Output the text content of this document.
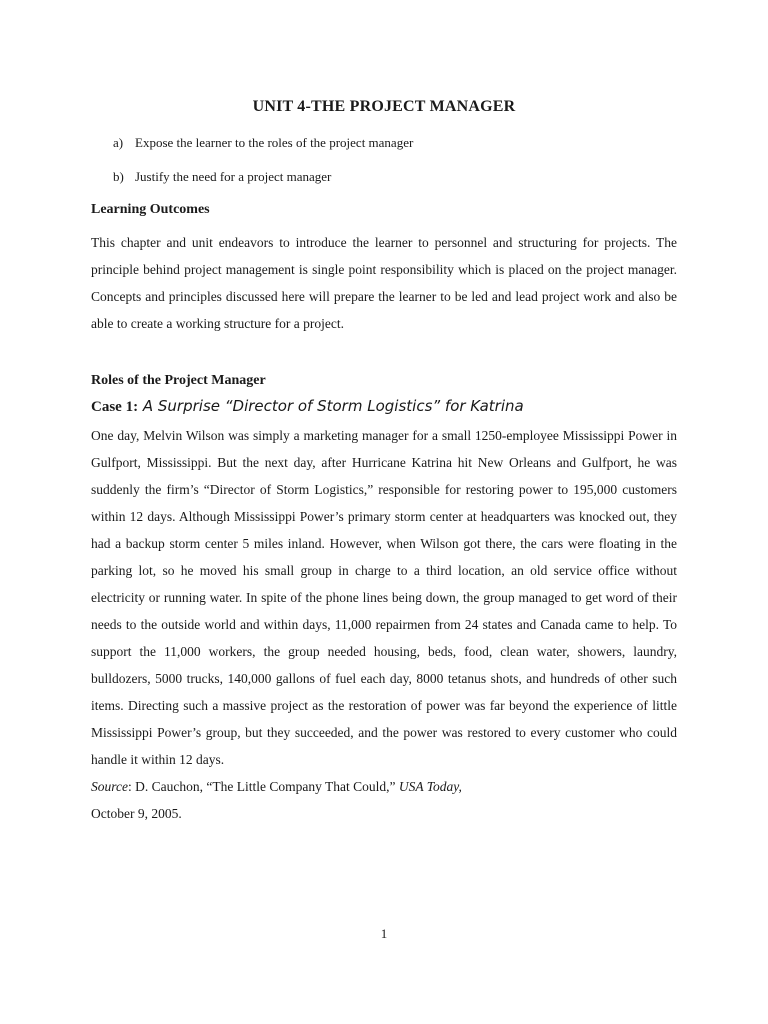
UNIT 4-THE PROJECT MANAGER
a) Expose the learner to the roles of the project manager
b) Justify the need for a project manager
Learning Outcomes

This chapter and unit endeavors to introduce the learner to personnel and structuring for projects. The principle behind project management is single point responsibility which is placed on the project manager. Concepts and principles discussed here will prepare the learner to be led and lead project work and also be able to create a working structure for a project.

Roles of the Project Manager
Case 1: A Surprise “Director of Storm Logistics” for Katrina

One day, Melvin Wilson was simply a marketing manager for a small 1250-employee Mississippi Power in Gulfport, Mississippi. But the next day, after Hurricane Katrina hit New Orleans and Gulfport, he was suddenly the firm’s “Director of Storm Logistics,” responsible for restoring power to 195,000 customers within 12 days. Although Mississippi Power’s primary storm center at headquarters was knocked out, they had a backup storm center 5 miles inland. However, when Wilson got there, the cars were floating in the parking lot, so he moved his small group in charge to a third location, an old service office without electricity or running water. In spite of the phone lines being down, the group managed to get word of their needs to the outside world and within days, 11,000 repairmen from 24 states and Canada came to help. To support the 11,000 workers, the group needed housing, beds, food, clean water, showers, laundry, bulldozers, 5000 trucks, 140,000 gallons of fuel each day, 8000 tetanus shots, and hundreds of other such items. Directing such a massive project as the restoration of power was far beyond the experience of little Mississippi Power’s group, but they succeeded, and the power was restored to every customer who could handle it within 12 days.

Source: D. Cauchon, “The Little Company That Could,” USA Today,
October 9, 2005.
1
